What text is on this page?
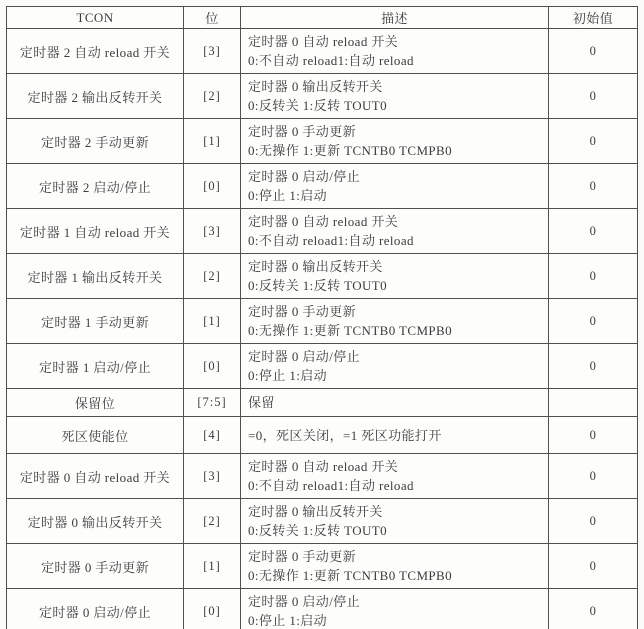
TCON	位	描述	初始值
定时器 2 自动 reload 开关	[3]	定时器 0 自动 reload 开关
0:不自动 reload1:自动 reload	0
定时器 2 输出反转开关	[2]	定时器 0 输出反转开关
0:反转关 1:反转 TOUT0	0
定时器 2 手动更新	[1]	定时器 0 手动更新
0:无操作 1:更新 TCNTB0 TCMPB0	0
定时器 2 启动/停止	[0]	定时器 0 启动/停止
0:停止 1:启动	0
定时器 1 自动 reload 开关	[3]	定时器 0 自动 reload 开关
0:不自动 reload1:自动 reload	0
定时器 1 输出反转开关	[2]	定时器 0 输出反转开关
0:反转关 1:反转 TOUT0	0
定时器 1 手动更新	[1]	定时器 0 手动更新
0:无操作 1:更新 TCNTB0 TCMPB0	0
定时器 1 启动/停止	[0]	定时器 0 启动/停止
0:停止 1:启动	0
保留位	[7:5]	保留	

死区使能位	[4]	=0，死区关闭，=1 死区功能打开	0
定时器 0 自动 reload 开关	[3]	定时器 0 自动 reload 开关
0:不自动 reload1:自动 reload	0
定时器 0 输出反转开关	[2]	定时器 0 输出反转开关
0:反转关 1:反转 TOUT0	0
定时器 0 手动更新	[1]	定时器 0 手动更新
0:无操作 1:更新 TCNTB0 TCMPB0	0
定时器 0 启动/停止	[0]	定时器 0 启动/停止
0:停止 1:启动	0
